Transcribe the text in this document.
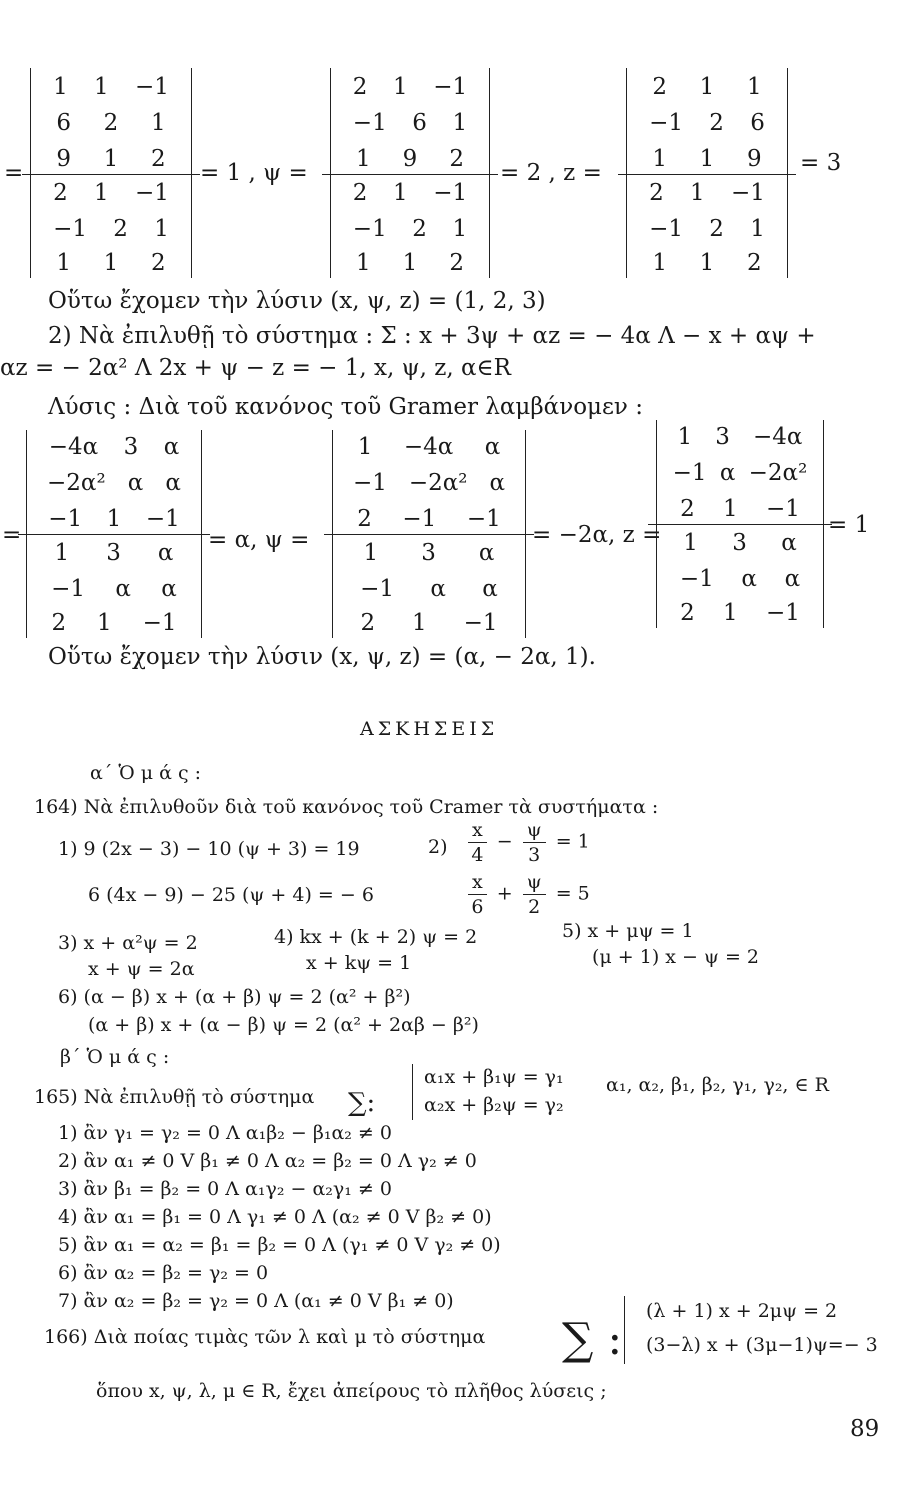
=
1 1 −1
6 2 1
9 1 2
2 1 −1
−1 2 1
1 1 2
= 1 , ψ =
2 1 −1
−1 6 1
1 9 2
2 1 −1
−1 2 1
1 1 2
= 2 , z =
2 1 1
−1 2 6
1 1 9
2 1 −1
−1 2 1
1 1 2
= 3
Οὕτω ἔχομεν τὴν λύσιν (x, ψ, z) = (1, 2, 3)
2) Νὰ ἐπιλυθῇ τὸ σύστημα : Σ : x + 3ψ + αz = − 4α Λ − x + αψ +
αz = − 2α² Λ 2x + ψ − z = − 1, x, ψ, z, α∈R
Λύσις : Διὰ τοῦ κανόνος τοῦ Gramer λαμβάνομεν :
=
−4α 3 α
−2α² α α
−1 1 −1
1 3 α
−1 α α
2 1 −1
= α, ψ =
1 −4α α
−1 −2α² α
2 −1 −1
1 3 α
−1 α α
2 1 −1
= −2α, z =
1 3 −4α
−1 α −2α²
2 1 −1
1 3 α
−1 α α
2 1 −1
= 1
Οὕτω ἔχομεν τὴν λύσιν (x, ψ, z) = (α, − 2α, 1).
ΑΣΚΗΣΕΙΣ
α΄ Ὁ μ ά ς :
164) Νὰ ἐπιλυθοῦν διὰ τοῦ κανόνος τοῦ Cramer τὰ συστήματα :
1) 9 (2x − 3) − 10 (ψ + 3) = 19
6 (4x − 9) − 25 (ψ + 4) = − 6
$2) \frac{x}{4} - \frac{\psi}{3} = 1$
$\frac{x}{6} + \frac{\psi}{2} = 5$
3) x + α²ψ = 2
x + ψ = 2α
4) kx + (k + 2) ψ = 2
x + kψ = 1
5) x + μψ = 1
(μ + 1) x − ψ = 2
6) (α − β) x + (α + β) ψ = 2 (α² + β²)
(α + β) x + (α − β) ψ = 2 (α² + 2αβ − β²)
β΄ Ὁ μ ά ς :
165) Νὰ ἐπιλυθῇ τὸ σύστημα ∑:
α₁x + β₁ψ = γ₁
α₂x + β₂ψ = γ₂
α₁, α₂, β₁, β₂, γ₁, γ₂, ∈ R
1) ἂν γ₁ = γ₂ = 0 Λ α₁β₂ − β₁α₂ ≠ 0
2) ἂν α₁ ≠ 0 V β₁ ≠ 0 Λ α₂ = β₂ = 0 Λ γ₂ ≠ 0
3) ἂν β₁ = β₂ = 0 Λ α₁γ₂ − α₂γ₁ ≠ 0
4) ἂν α₁ = β₁ = 0 Λ γ₁ ≠ 0 Λ (α₂ ≠ 0 V β₂ ≠ 0)
5) ἂν α₁ = α₂ = β₁ = β₂ = 0 Λ (γ₁ ≠ 0 V γ₂ ≠ 0)
6) ἂν α₂ = β₂ = γ₂ = 0
7) ἂν α₂ = β₂ = γ₂ = 0 Λ (α₁ ≠ 0 V β₁ ≠ 0)
166) Διὰ ποίας τιμὰς τῶν λ καὶ μ τὸ σύστημα ∑ :
(λ + 1) x + 2μψ = 2
(3−λ) x + (3μ−1)ψ=− 3
ὅπου x, ψ, λ, μ ∈ R, ἔχει ἀπείρους τὸ πλῆθος λύσεις ;
89
